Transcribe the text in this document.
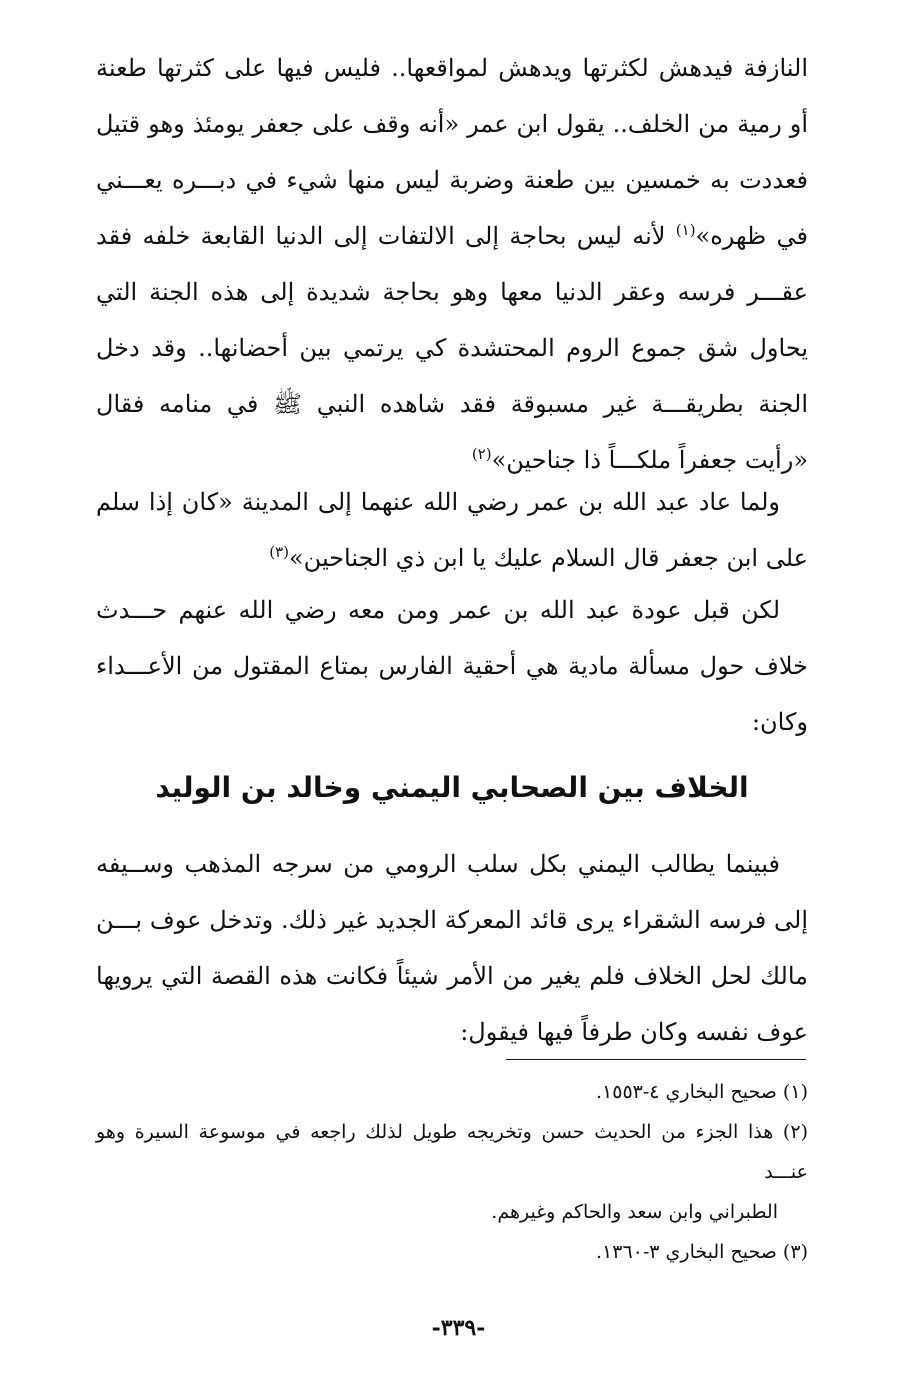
النازفة فيدهش لكثرتها ويدهش لمواقعها.. فليس فيها على كثرتها طعنة أو رمية من الخلف.. يقول ابن عمر «أنه وقف على جعفر يومئذ وهو قتيل فعددت به خمسين بين طعنة وضربة ليس منها شيء في دبـــره يعـــني في ظهره»$^{(١)}$ لأنه ليس بحاجة إلى الالتفات إلى الدنيا القابعة خلفه فقد عقـــر فرسه وعقر الدنيا معها وهو بحاجة شديدة إلى هذه الجنة التي يحاول شق جموع الروم المحتشدة كي يرتمي بين أحضانها.. وقد دخل الجنة بطريقـــة غير مسبوقة فقد شاهده النبي ﷺ في منامه فقال «رأيت جعفراً ملكـــاً ذا جناحين»$^{(٢)}$

ولما عاد عبد الله بن عمر رضي الله عنهما إلى المدينة «كان إذا سلم على ابن جعفر قال السلام عليك يا ابن ذي الجناحين»$^{(٣)}$

لكن قبل عودة عبد الله بن عمر ومن معه رضي الله عنهم حـــدث خلاف حول مسألة مادية هي أحقية الفارس بمتاع المقتول من الأعـــداء وكان:

الخلاف بين الصحابي اليمني وخالد بن الوليد

فبينما يطالب اليمني بكل سلب الرومي من سرجه المذهب وســيفه إلى فرسه الشقراء يرى قائد المعركة الجديد غير ذلك. وتدخل عوف بـــن مالك لحل الخلاف فلم يغير من الأمر شيئاً فكانت هذه القصة التي يرويها عوف نفسه وكان طرفاً فيها فيقول:

(١) صحيح البخاري ٤-١٥٥٣.
(٢) هذا الجزء من الحديث حسن وتخريجه طويل لذلك راجعه في موسوعة السيرة وهو عنـــد
الطبراني وابن سعد والحاكم وغيرهم.
(٣) صحيح البخاري ٣-١٣٦٠.
-٣٣٩-
